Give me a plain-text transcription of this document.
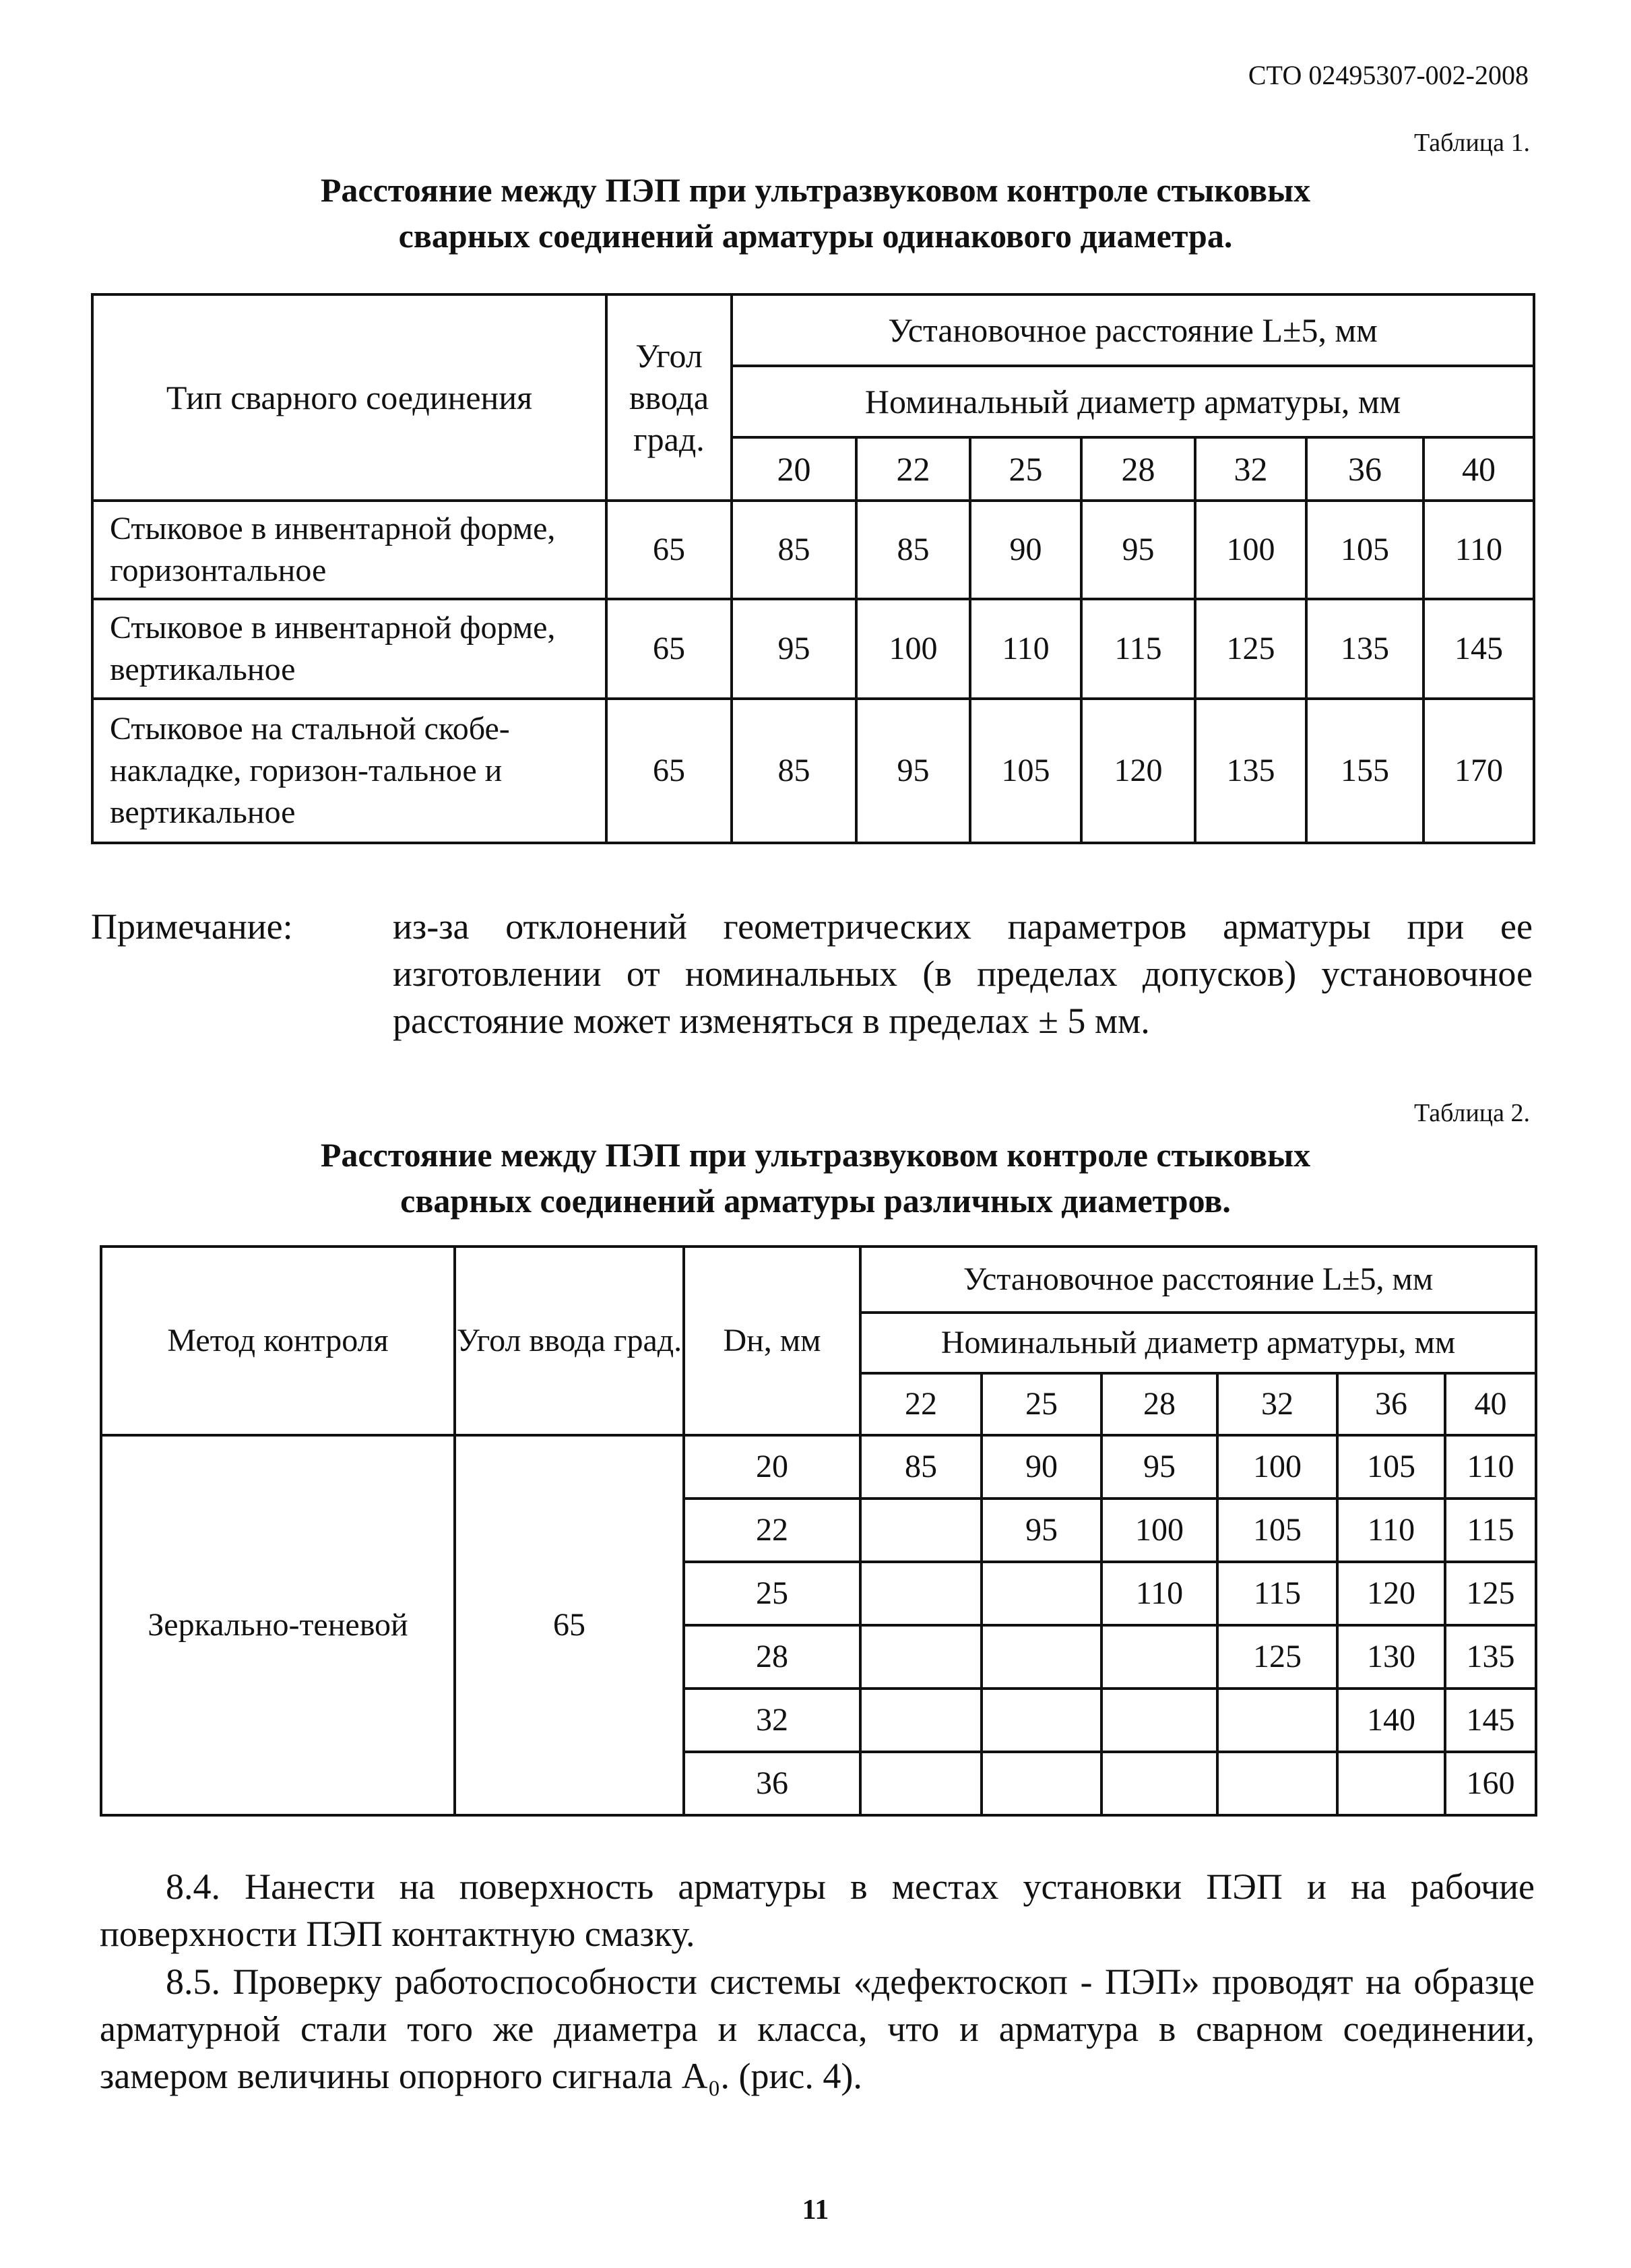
СТО 02495307-002-2008
Таблица 1.
Расстояние между ПЭП при ультразвуковом контроле стыковых
сварных соединений арматуры одинакового диаметра.
Тип сварного соединения	Угол ввода град.	Установочное расстояние L±5, мм						
		Номинальный диаметр арматуры, мм						
		20	22	25	28	32	36	40
Стыковое в инвентарной форме, горизонтальное	65	85	85	90	95	100	105	110
Стыковое в инвентарной форме, вертикальное	65	95	100	110	115	125	135	145
Стыковое на стальной скобе-накладке, горизон-тальное и вертикальное	65	85	95	105	120	135	155	170
Примечание:	из-за отклонений геометрических параметров арматуры при ее изготовлении от номинальных (в пределах допусков) установочное расстояние может изменяться в пределах ± 5 мм.
Таблица 2.
Расстояние между ПЭП при ультразвуковом контроле стыковых
сварных соединений арматуры различных диаметров.
Метод контроля	Угол ввода град.	Dн, мм	Установочное расстояние L±5, мм					
			Номинальный диаметр арматуры, мм					
			22	25	28	32	36	40
Зеркально-теневой	65	20	85	90	95	100	105	110
		22		95	100	105	110	115
		25			110	115	120	125
		28				125	130	135
		32					140	145
		36						160
8.4. Нанести на поверхность арматуры в местах установки ПЭП и на рабочие поверхности ПЭП контактную смазку.
8.5. Проверку работоспособности системы «дефектоскоп - ПЭП» проводят на образце арматурной стали того же диаметра и класса, что и арматура в сварном соединении, замером величины опорного сигнала A₀. (рис. 4).
11
